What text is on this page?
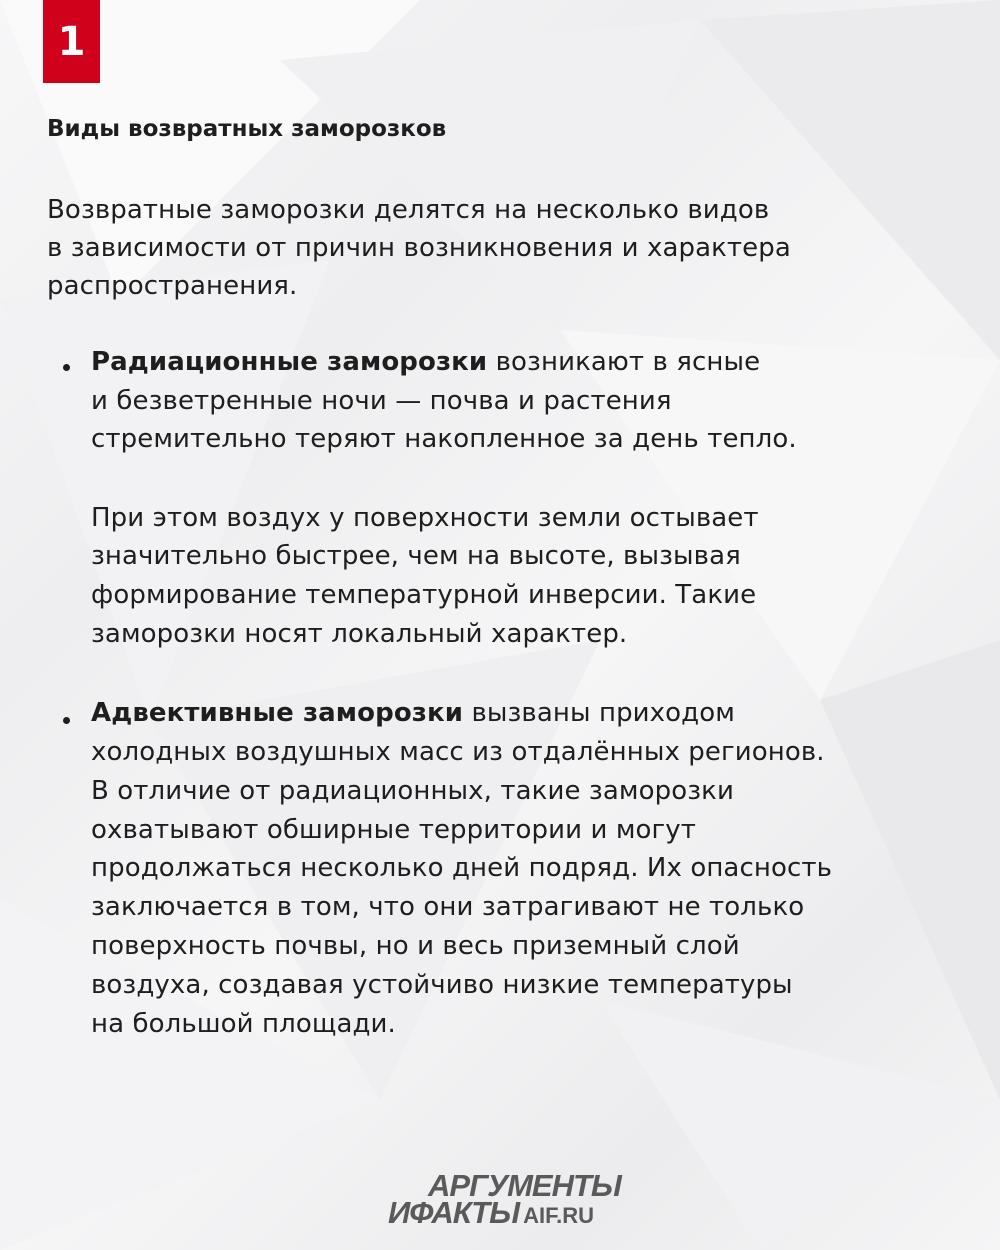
1
Виды возвратных заморозков
Возвратные заморозки делятся на несколько видов
в зависимости от причин возникновения и характера
распространения.
Радиационные заморозки возникают в ясные
и безветренные ночи — почва и растения
стремительно теряют накопленное за день тепло.
При этом воздух у поверхности земли остывает
значительно быстрее, чем на высоте, вызывая
формирование температурной инверсии. Такие
заморозки носят локальный характер.
Адвективные заморозки вызваны приходом
холодных воздушных масс из отдалённых регионов.
В отличие от радиационных, такие заморозки
охватывают обширные территории и могут
продолжаться несколько дней подряд. Их опасность
заключается в том, что они затрагивают не только
поверхность почвы, но и весь приземный слой
воздуха, создавая устойчиво низкие температуры
на большой площади.
АРГУМЕНТЫ
ИФАКТЫ AIF.RU
